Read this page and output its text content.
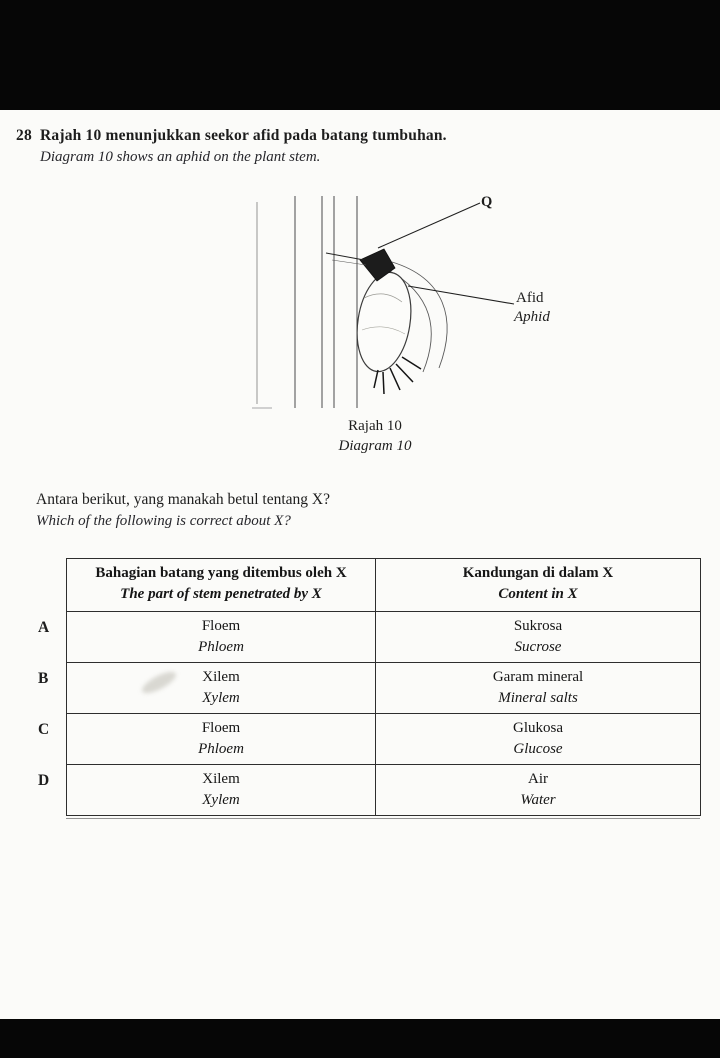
28 Rajah 10 menunjukkan seekor afid pada batang tumbuhan.
Diagram 10 shows an aphid on the plant stem.
Q
Afid
Aphid
Rajah 10
Diagram 10
Antara berikut, yang manakah betul tentang X?
Which of the following is correct about X?
A
B
C
D
Bahagian batang yang ditembus oleh X
The part of stem penetrated by X	Kandungan di dalam X
Content in X

Floem
Phloem	Sukrosa
Sucrose

Xilem
Xylem	Garam mineral
Mineral salts

Floem
Phloem	Glukosa
Glucose

Xilem
Xylem	Air
Water
